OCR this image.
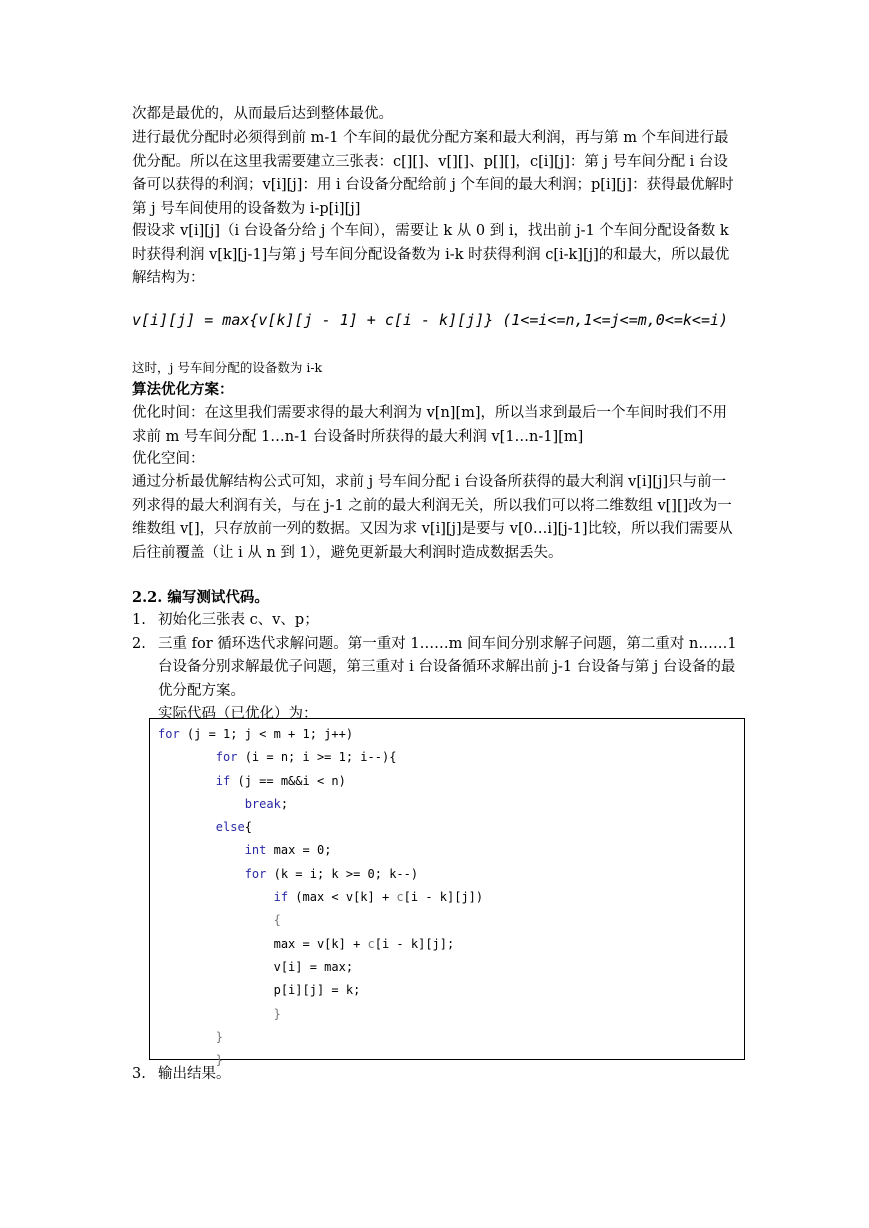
次都是最优的，从而最后达到整体最优。

进行最优分配时必须得到前 m-1 个车间的最优分配方案和最大利润，再与第 m 个车间进行最优分配。所以在这里我需要建立三张表：c[][]、v[][]、p[][]，c[i][j]：第 j 号车间分配 i 台设备可以获得的利润；v[i][j]：用 i 台设备分配给前 j 个车间的最大利润；p[i][j]：获得最优解时第 j 号车间使用的设备数为 i-p[i][j]

假设求 v[i][j]（i 台设备分给 j 个车间），需要让 k 从 0 到 i，找出前 j-1 个车间分配设备数 k 时获得利润 v[k][j-1]与第 j 号车间分配设备数为 i-k 时获得利润 c[i-k][j]的和最大，所以最优解结构为：

v[i][j] = max{v[k][j - 1] + c[i - k][j]} (1<=i<=n,1<=j<=m,0<=k<=i)

这时，j 号车间分配的设备数为 i-k

算法优化方案：

优化时间：在这里我们需要求得的最大利润为 v[n][m]，所以当求到最后一个车间时我们不用求前 m 号车间分配 1…n-1 台设备时所获得的最大利润 v[1…n-1][m]

优化空间：

通过分析最优解结构公式可知，求前 j 号车间分配 i 台设备所获得的最大利润 v[i][j]只与前一列求得的最大利润有关，与在 j-1 之前的最大利润无关，所以我们可以将二维数组 v[][]改为一维数组 v[]，只存放前一列的数据。又因为求 v[i][j]是要与 v[0…i][j-1]比较，所以我们需要从后往前覆盖（让 i 从 n 到 1），避免更新最大利润时造成数据丢失。

2.2. 编写测试代码。

1. 初始化三张表 c、v、p；
2. 三重 for 循环迭代求解问题。第一重对 1……m 间车间分别求解子问题，第二重对 n……1 台设备分别求解最优子问题，第三重对 i 台设备循环求解出前 j-1 台设备与第 j 台设备的最优分配方案。
实际代码（已优化）为：
for (j = 1; j < m + 1; j++)
for (i = n; i >= 1; i--){
if (j == m&&i < n)
break;
else{
int max = 0;
for (k = i; k >= 0; k--)
if (max < v[k] + c[i - k][j])
{
max = v[k] + c[i - k][j];
v[i] = max;
p[i][j] = k;
}
}
}
3. 输出结果。
